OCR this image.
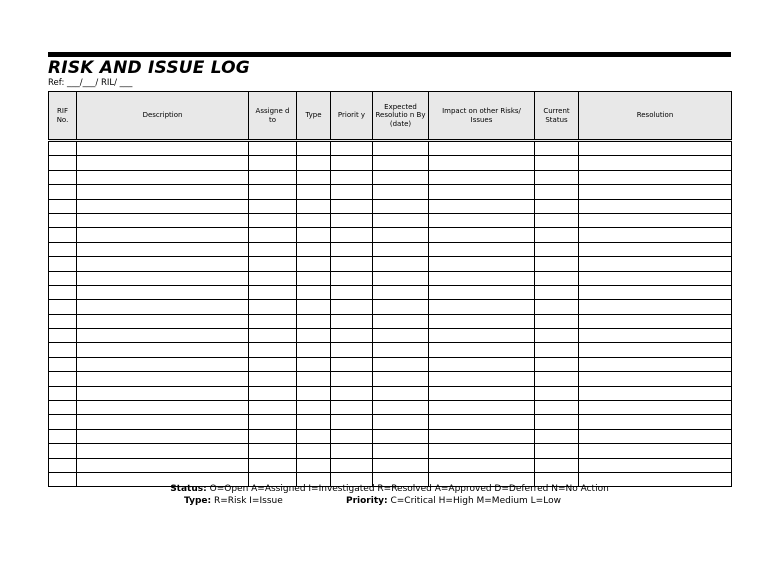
RISK AND ISSUE LOG
Ref: ___/___/ RIL/ ___
RIF No.	Description	Assigne d to	Type	Priorit y	Expected Resolutio n By (date)	Impact on other Risks/ Issues	Current Status	Resolution

Status: O=Open A=Assigned I=Investigated R=Resolved A=Approved D=Deferred N=No Action
Type: R=Risk I=Issue	Priority: C=Critical H=High M=Medium L=Low
